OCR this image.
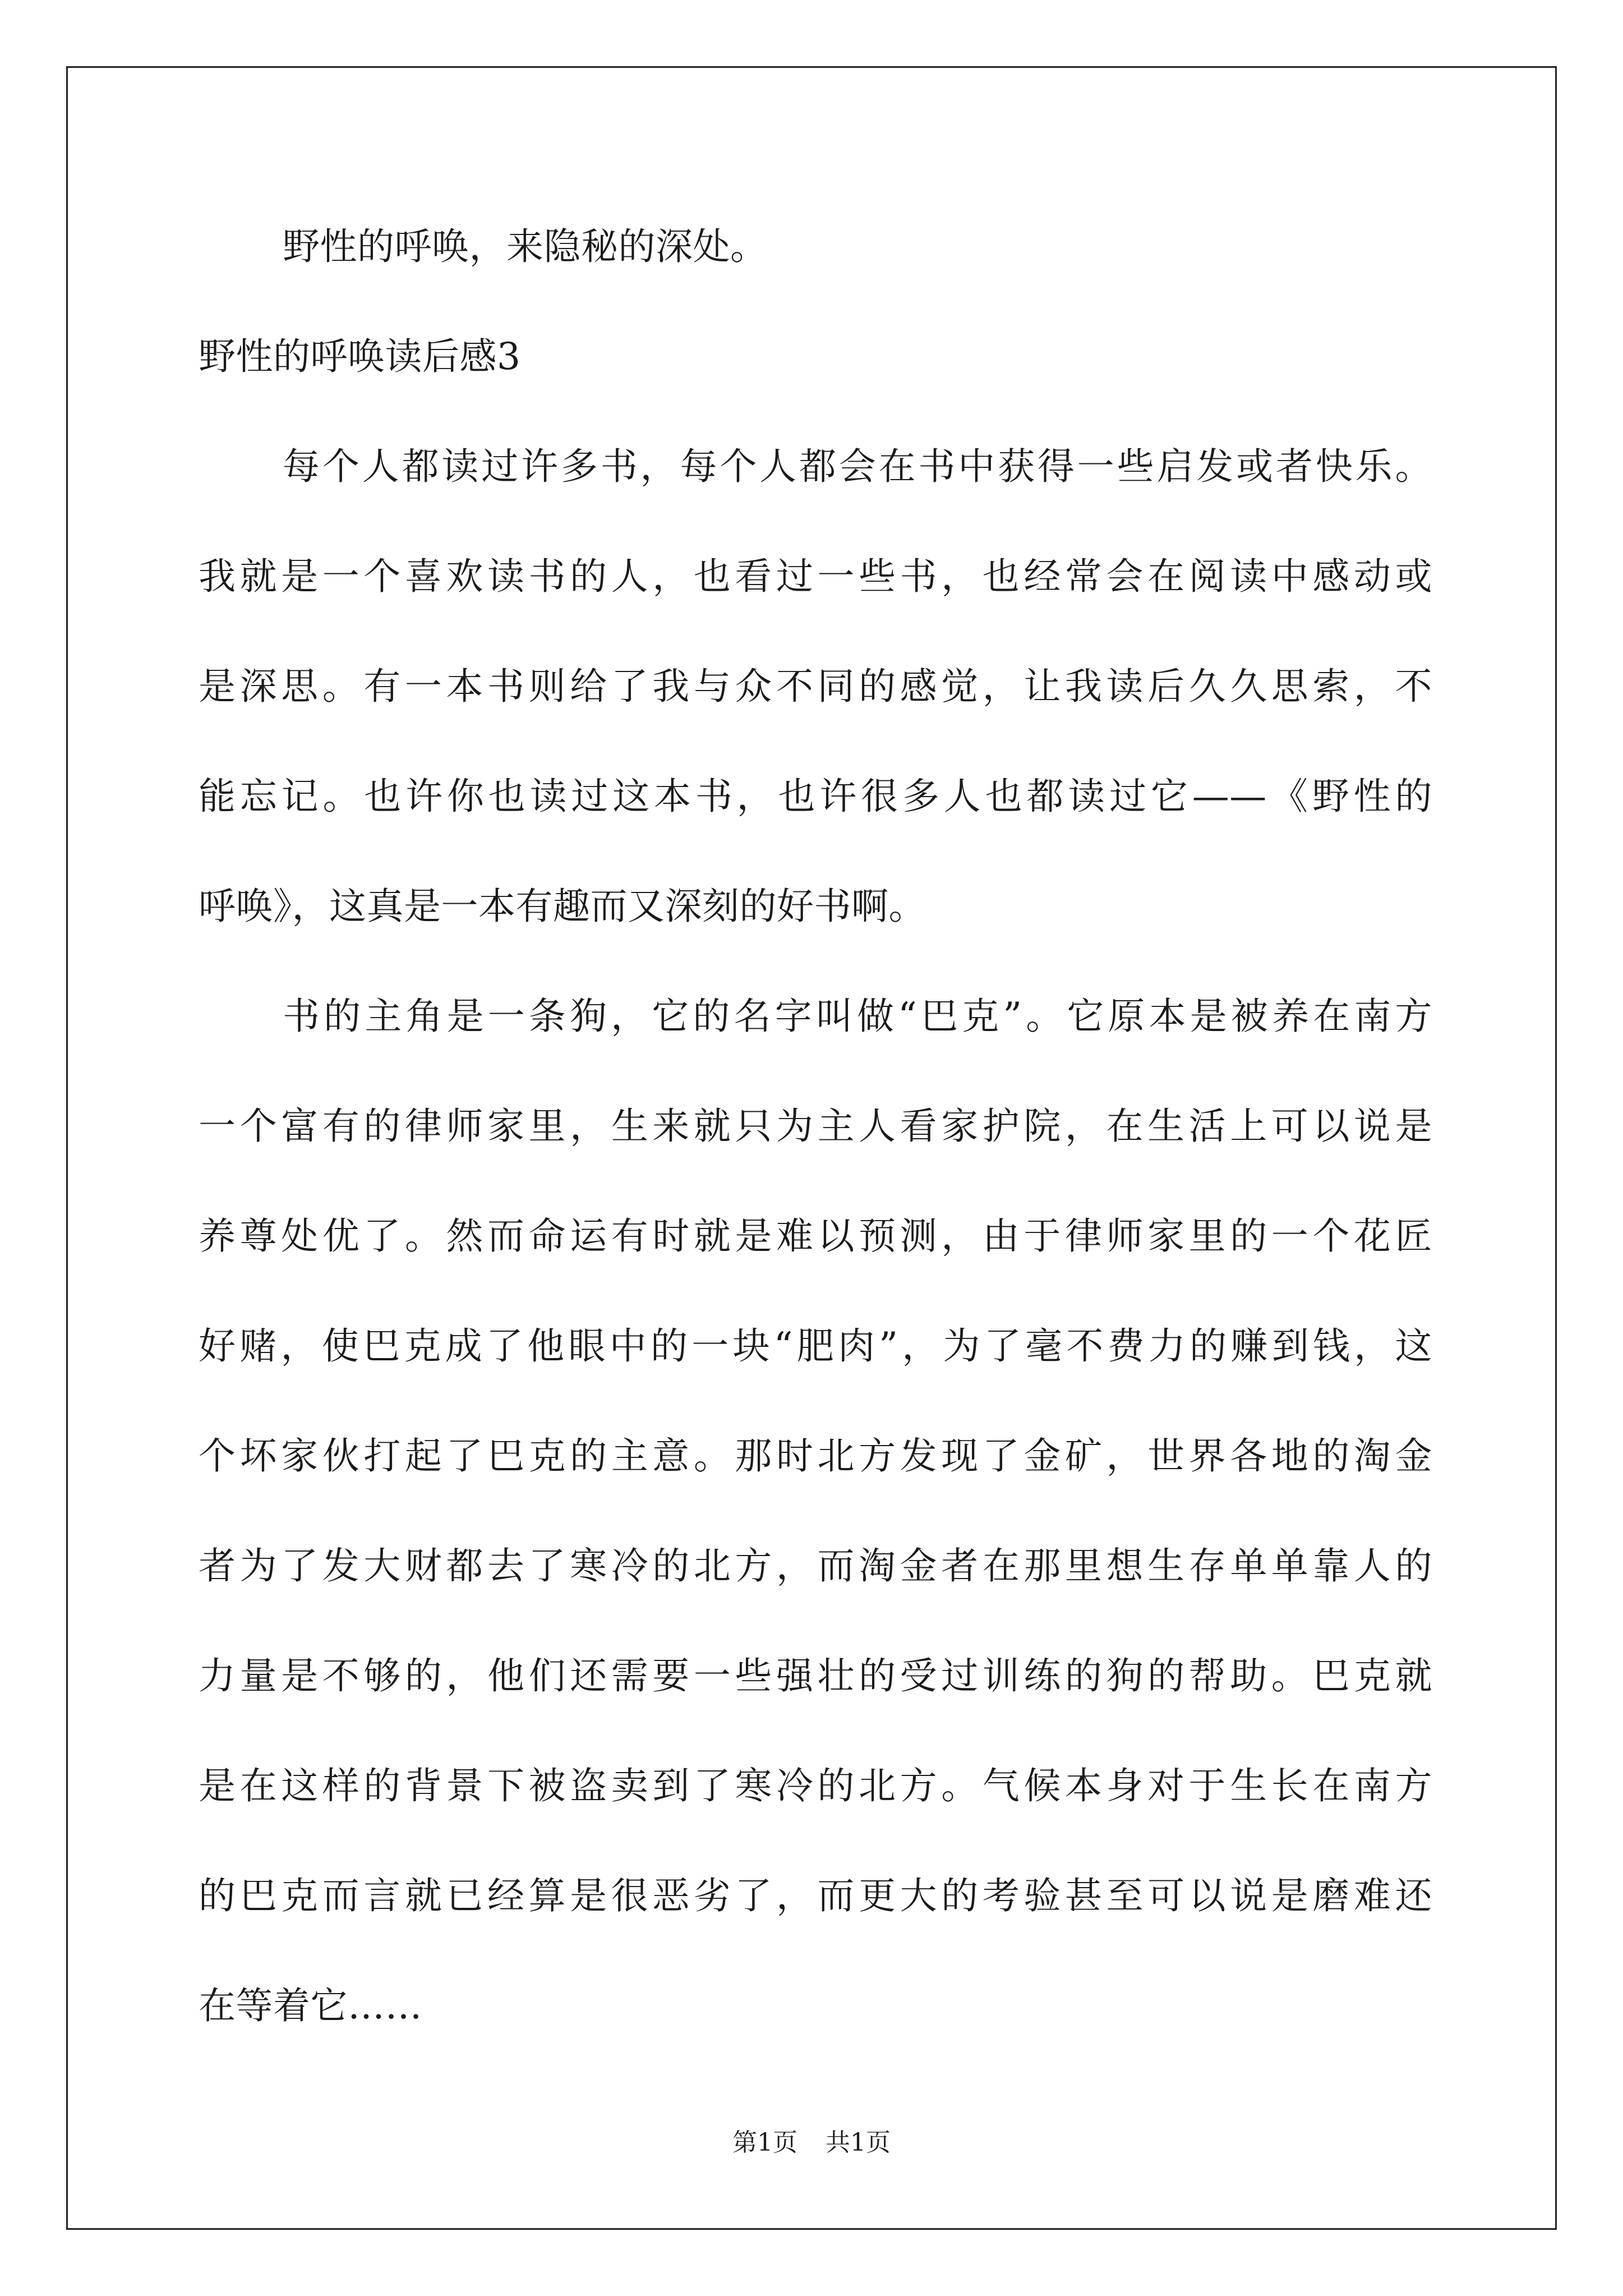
野性的呼唤，来隐秘的深处。
野性的呼唤读后感3
每个人都读过许多书，每个人都会在书中获得一些启发或者快乐。
我就是一个喜欢读书的人，也看过一些书，也经常会在阅读中感动或
是深思。有一本书则给了我与众不同的感觉，让我读后久久思索，不
能忘记。也许你也读过这本书，也许很多人也都读过它——《野性的
呼唤》，这真是一本有趣而又深刻的好书啊。
书的主角是一条狗，它的名字叫做“巴克”。它原本是被养在南方
一个富有的律师家里，生来就只为主人看家护院，在生活上可以说是
养尊处优了。然而命运有时就是难以预测，由于律师家里的一个花匠
好赌，使巴克成了他眼中的一块“肥肉”，为了毫不费力的赚到钱，这
个坏家伙打起了巴克的主意。那时北方发现了金矿，世界各地的淘金
者为了发大财都去了寒冷的北方，而淘金者在那里想生存单单靠人的
力量是不够的，他们还需要一些强壮的受过训练的狗的帮助。巴克就
是在这样的背景下被盗卖到了寒冷的北方。气候本身对于生长在南方
的巴克而言就已经算是很恶劣了，而更大的考验甚至可以说是磨难还
在等着它……
第1页 共1页
